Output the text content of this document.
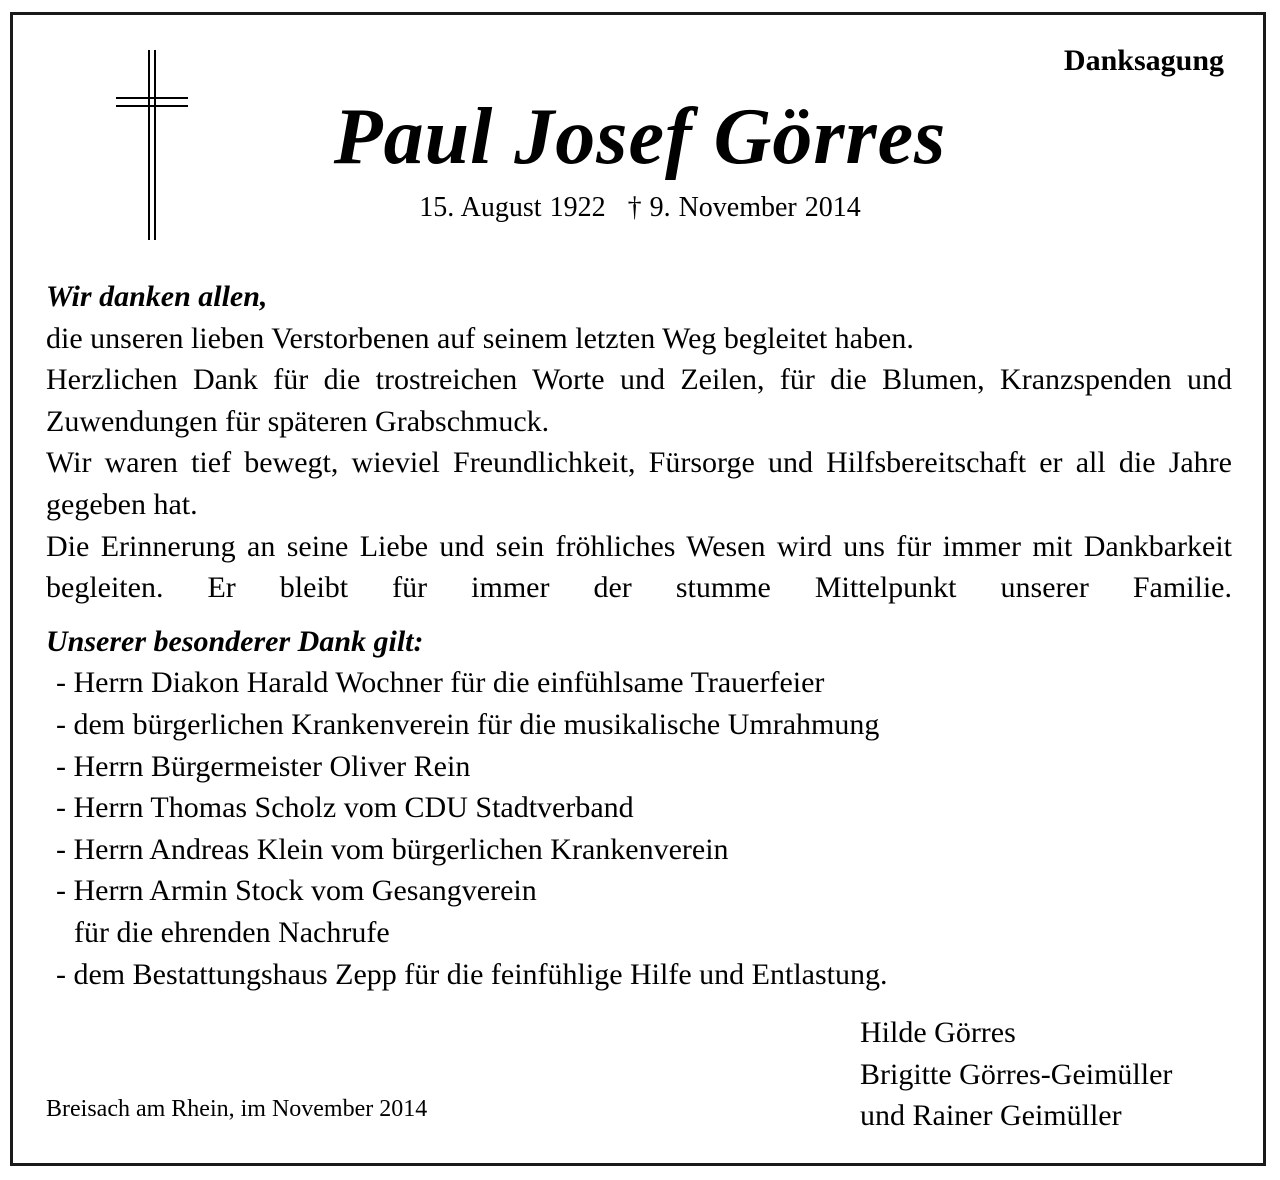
Danksagung
Paul Josef Görres
15. August 1922 † 9. November 2014

Wir danken allen,

die unseren lieben Verstorbenen auf seinem letzten Weg begleitet haben.

Herzlichen Dank für die trostreichen Worte und Zeilen, für die Blumen, Kranzspenden und Zuwendungen für späteren Grabschmuck.

Wir waren tief bewegt, wieviel Freundlichkeit, Fürsorge und Hilfsbereitschaft er all die Jahre gegeben hat.

Die Erinnerung an seine Liebe und sein fröhliches Wesen wird uns für immer mit Dankbarkeit begleiten. Er bleibt für immer der stumme Mittelpunkt unserer Familie.

Unserer besonderer Dank gilt:

- Herrn Diakon Harald Wochner für die einfühlsame Trauerfeier
- dem bürgerlichen Krankenverein für die musikalische Umrahmung
- Herrn Bürgermeister Oliver Rein
- Herrn Thomas Scholz vom CDU Stadtverband
- Herrn Andreas Klein vom bürgerlichen Krankenverein
- Herrn Armin Stock vom Gesangverein
für die ehrenden Nachrufe
- dem Bestattungshaus Zepp für die feinfühlige Hilfe und Entlastung.
Hilde Görres
Brigitte Görres-Geimüller
und Rainer Geimüller
Breisach am Rhein, im November 2014
